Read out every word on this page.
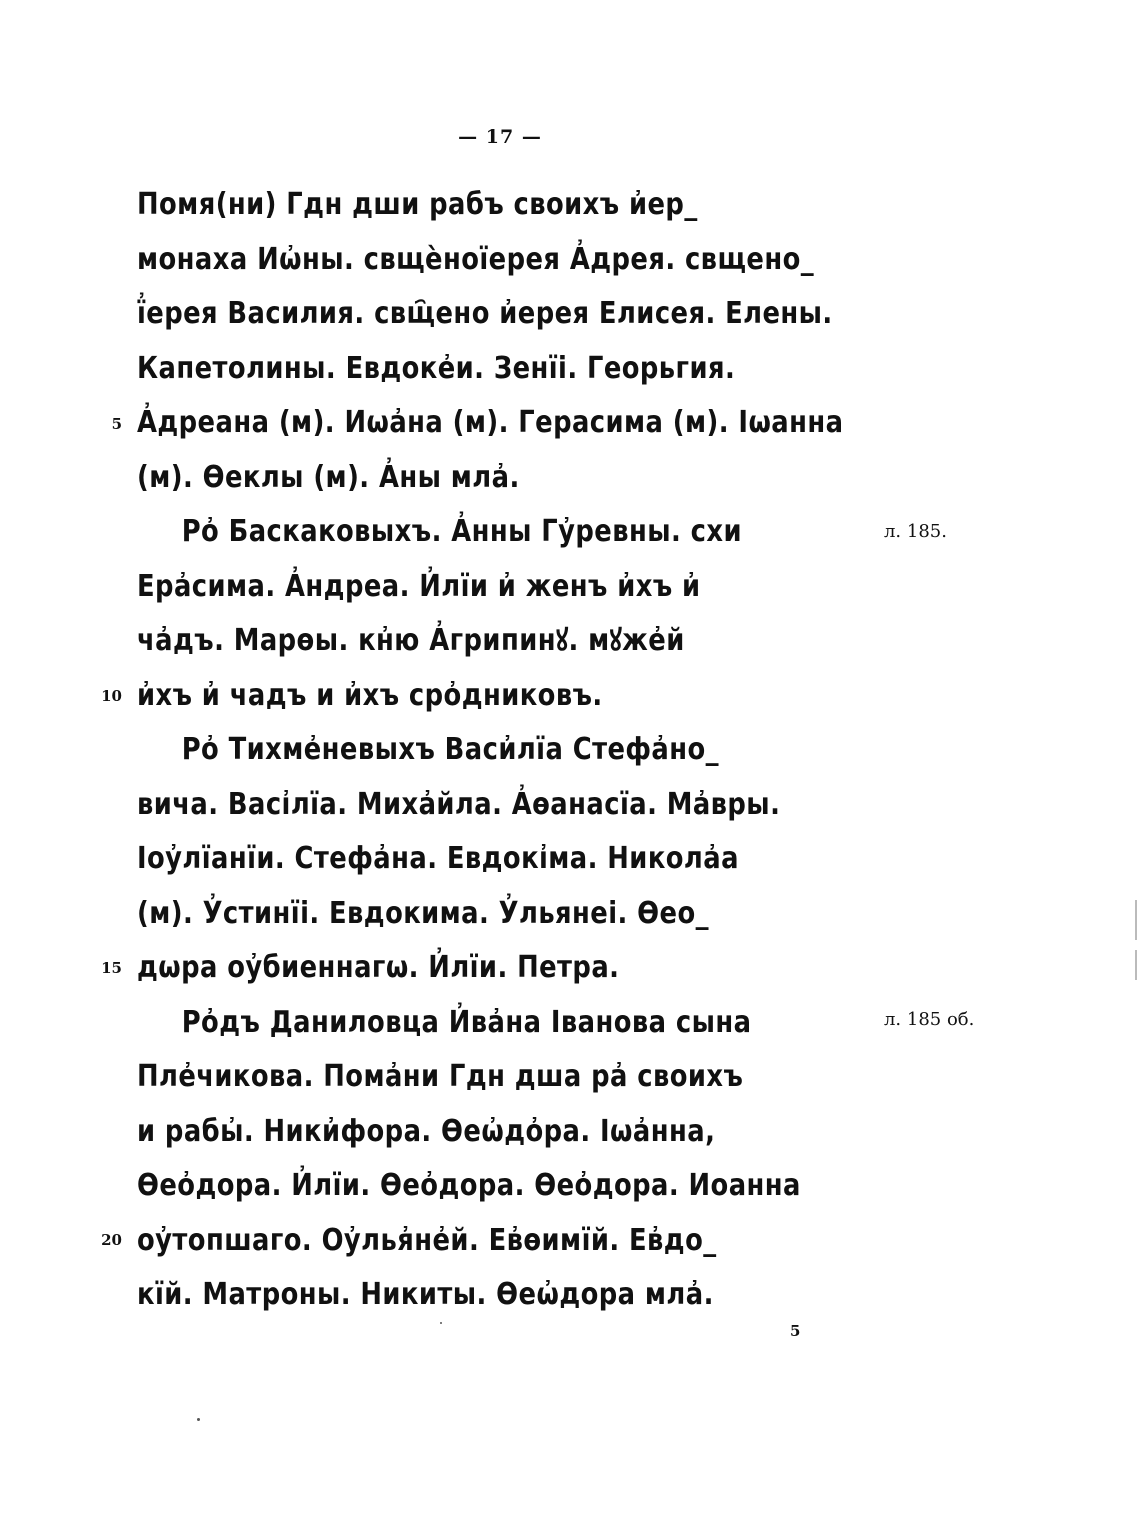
— 17 —
Помя(ни) Гдн дши рабъ своихъ и҆ер_
монаха Иѡ҆ны. свщѐноїерея А҆дрея. свщено_
ї҆ерея Василия. свщ҄ено и҆ерея Елисея. Елены.
Капетолины. Евдоке҆и. Зенїі. Георьгия.
А҆дреана (м). Иѡа҆на (м). Герасима (м). Іѡанна
(м). Ѳеклы (м). А҆ны мла҆.
Ро҆ Баскаковыхъ. А҆нны Гу҆ревны. схи
Ера҆сима. А҆ндреа. И҆лїи и҆ женъ и҆хъ и҆
ча҆дъ. Марѳы. кн҆ю А҆грипинꙋ. мꙋже҆й
и҆хъ и҆ чадъ и и҆хъ сро҆дниковъ.
Ро҆ Тихме҆невыхъ Васи҆лїа Стефа҆но_
вича. Васі҆лїа. Миха҆йла. А҆ѳанасїа. Ма҆вры.
Іоу҆лїанїи. Стефа҆на. Евдокі҆ма. Никола҆а
(м). У҆стинїі. Евдокима. У҆льянеі. Ѳео_
дѡра оу҆биеннагѡ. И҆лїи. Петра.
Ро҆дъ Даниловца И҆ва҆на Іванова сына
Пле҆чикова. Пома҆ни Гдн дша ра҆ своихъ
и рабы҆. Ники҆фора. Ѳеѡ҆до҆ра. Іѡа҆нна,
Ѳео҆дора. И҆лїи. Ѳео҆дора. Ѳео҆дора. Иоанна
оу҆топшаго. Оу҆лья҆не҆й. Ев҆ѳимїй. Ев҆до_
кїй. Матроны. Никиты. Ѳеѡ҆дора мла҆.
5
10
15
20
л. 185.
л. 185 об.
5
